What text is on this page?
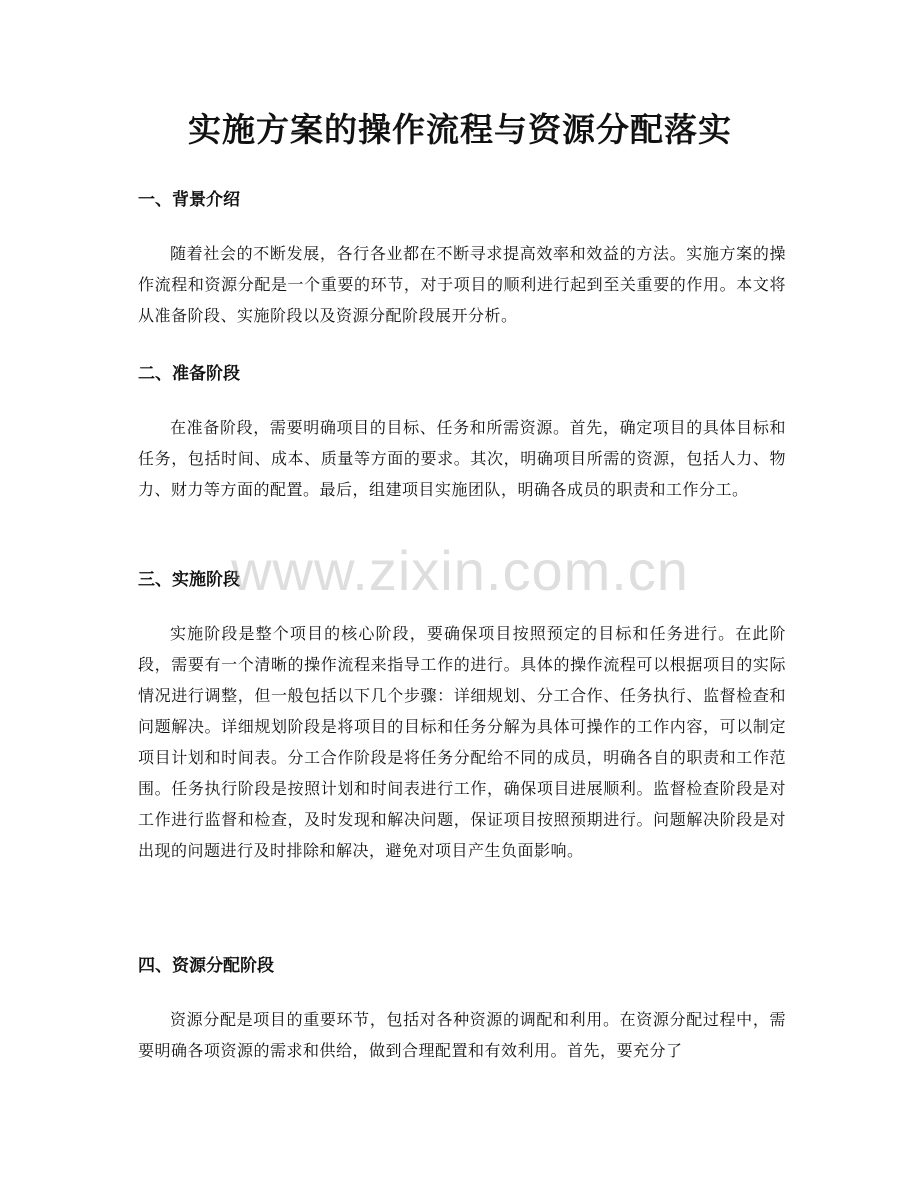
实施方案的操作流程与资源分配落实
一、背景介绍

随着社会的不断发展，各行各业都在不断寻求提高效率和效益的方法。实施方案的操作流程和资源分配是一个重要的环节，对于项目的顺利进行起到至关重要的作用。本文将从准备阶段、实施阶段以及资源分配阶段展开分析。

二、准备阶段

在准备阶段，需要明确项目的目标、任务和所需资源。首先，确定项目的具体目标和任务，包括时间、成本、质量等方面的要求。其次，明确项目所需的资源，包括人力、物力、财力等方面的配置。最后，组建项目实施团队，明确各成员的职责和工作分工。

三、实施阶段

实施阶段是整个项目的核心阶段，要确保项目按照预定的目标和任务进行。在此阶段，需要有一个清晰的操作流程来指导工作的进行。具体的操作流程可以根据项目的实际情况进行调整，但一般包括以下几个步骤：详细规划、分工合作、任务执行、监督检查和问题解决。详细规划阶段是将项目的目标和任务分解为具体可操作的工作内容，可以制定项目计划和时间表。分工合作阶段是将任务分配给不同的成员，明确各自的职责和工作范围。任务执行阶段是按照计划和时间表进行工作，确保项目进展顺利。监督检查阶段是对工作进行监督和检查，及时发现和解决问题，保证项目按照预期进行。问题解决阶段是对出现的问题进行及时排除和解决，避免对项目产生负面影响。

四、资源分配阶段

资源分配是项目的重要环节，包括对各种资源的调配和利用。在资源分配过程中，需要明确各项资源的需求和供给，做到合理配置和有效利用。首先，要充分了

www.zixin.com.cn
